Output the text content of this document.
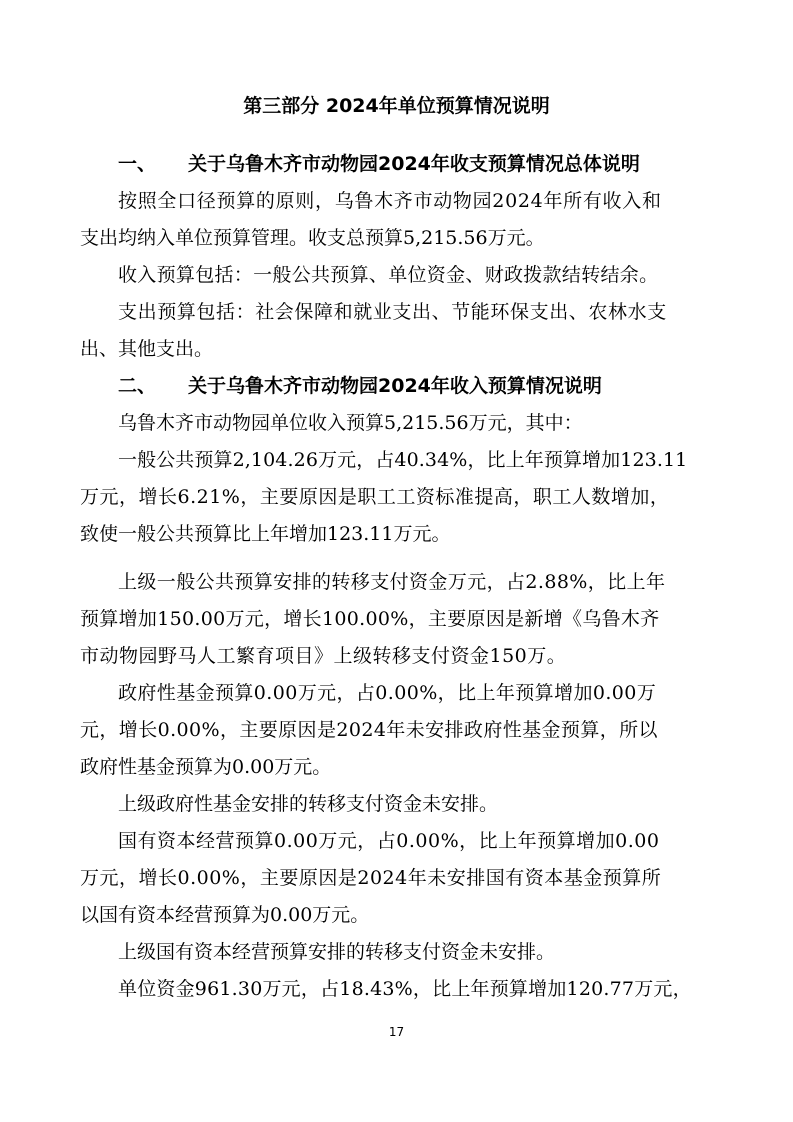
第三部分 2024年单位预算情况说明
一、 关于乌鲁木齐市动物园2024年收支预算情况总体说明

按照全口径预算的原则，乌鲁木齐市动物园2024年所有收入和

支出均纳入单位预算管理。收支总预算5,215.56万元。

收入预算包括：一般公共预算、单位资金、财政拨款结转结余。

支出预算包括：社会保障和就业支出、节能环保支出、农林水支

出、其他支出。

二、 关于乌鲁木齐市动物园2024年收入预算情况说明

乌鲁木齐市动物园单位收入预算5,215.56万元，其中：

一般公共预算2,104.26万元，占40.34%，比上年预算增加123.11

万元，增长6.21%，主要原因是职工工资标准提高，职工人数增加，

致使一般公共预算比上年增加123.11万元。

上级一般公共预算安排的转移支付资金万元，占2.88%，比上年

预算增加150.00万元，增长100.00%，主要原因是新增《乌鲁木齐

市动物园野马人工繁育项目》上级转移支付资金150万。

政府性基金预算0.00万元，占0.00%，比上年预算增加0.00万

元，增长0.00%，主要原因是2024年未安排政府性基金预算，所以

政府性基金预算为0.00万元。

上级政府性基金安排的转移支付资金未安排。

国有资本经营预算0.00万元，占0.00%，比上年预算增加0.00

万元，增长0.00%，主要原因是2024年未安排国有资本基金预算所

以国有资本经营预算为0.00万元。

上级国有资本经营预算安排的转移支付资金未安排。

单位资金961.30万元，占18.43%，比上年预算增加120.77万元，

17
